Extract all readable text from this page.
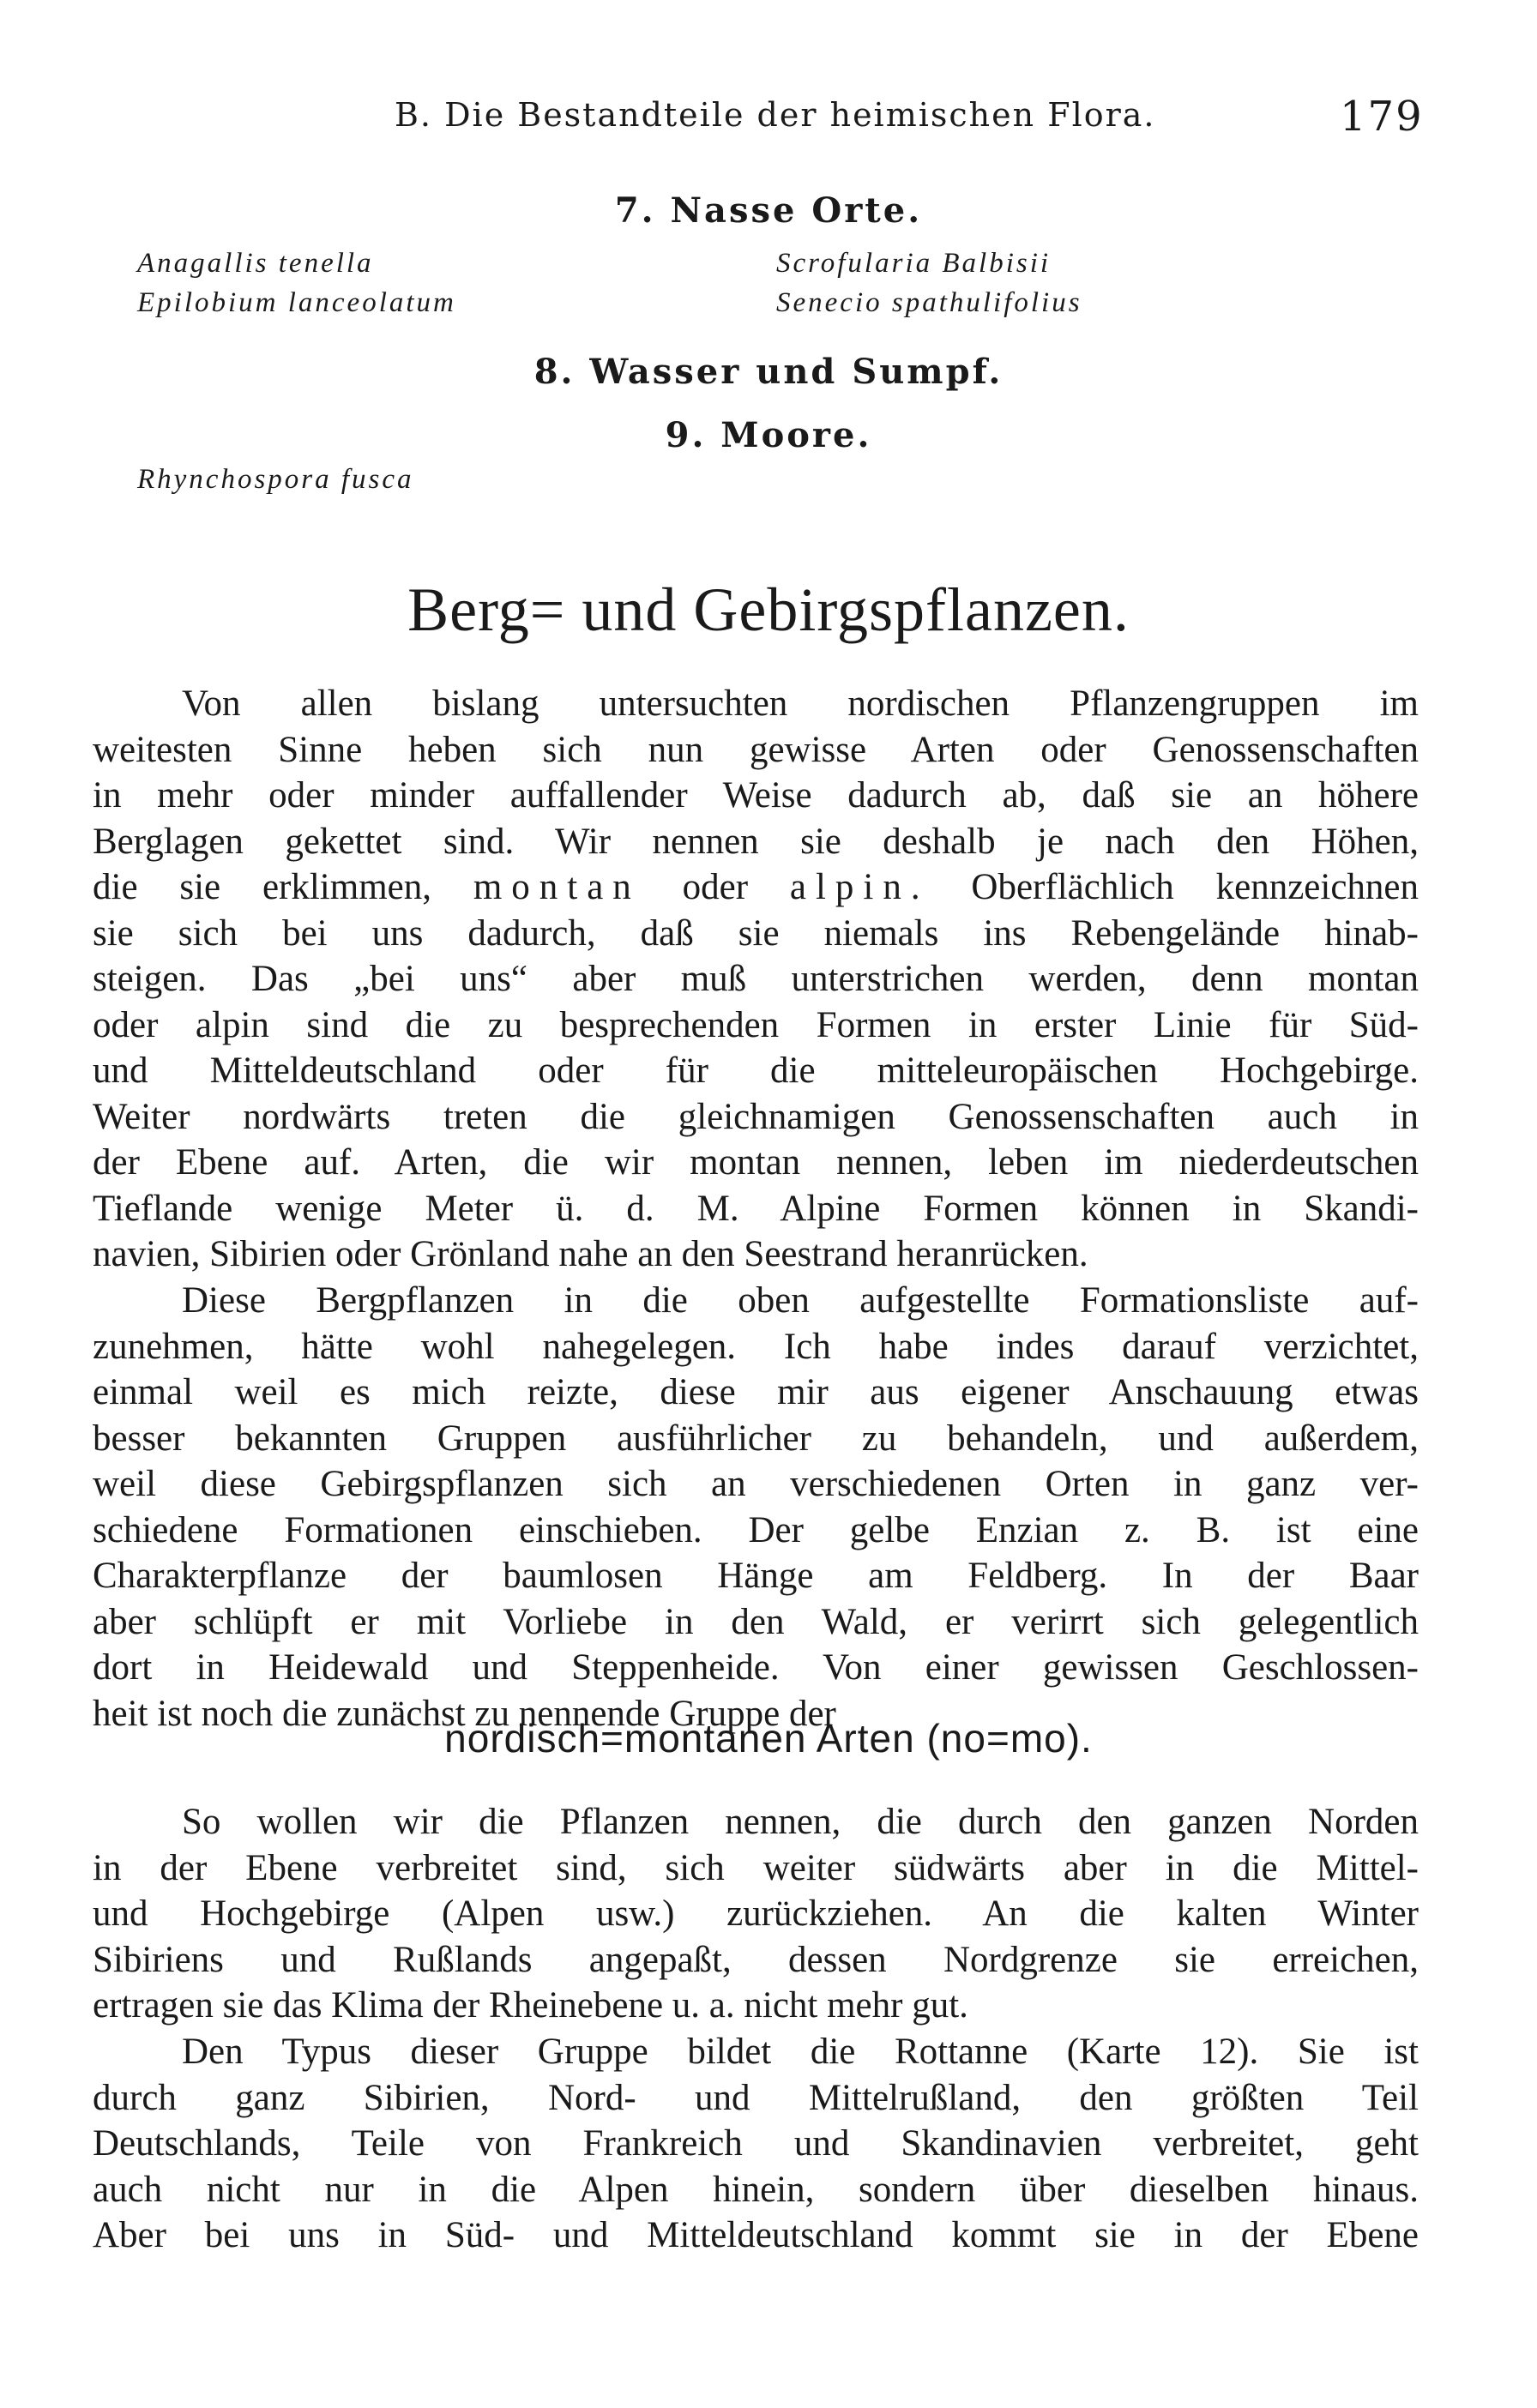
B. Die Bestandteile der heimischen Flora.	179
7. Nasse Orte.
Anagallis tenella
Epilobium lanceolatum
Scrofularia Balbisii
Senecio spathulifolius
8. Wasser und Sumpf.
9. Moore.
Rhynchospora fusca
Berg= und Gebirgspflanzen.
Von allen bislang untersuchten nordischen Pflanzengruppen im
weitesten Sinne heben sich nun gewisse Arten oder Genossenschaften
in mehr oder minder auffallender Weise dadurch ab, daß sie an höhere
Berglagen gekettet sind. Wir nennen sie deshalb je nach den Höhen,
die sie erklimmen, montan oder alpin. Oberflächlich kennzeichnen
sie sich bei uns dadurch, daß sie niemals ins Rebengelände hinab-
steigen. Das „bei uns“ aber muß unterstrichen werden, denn montan
oder alpin sind die zu besprechenden Formen in erster Linie für Süd-
und Mitteldeutschland oder für die mitteleuropäischen Hochgebirge.
Weiter nordwärts treten die gleichnamigen Genossenschaften auch in
der Ebene auf. Arten, die wir montan nennen, leben im niederdeutschen
Tieflande wenige Meter ü. d. M. Alpine Formen können in Skandi-
navien, Sibirien oder Grönland nahe an den Seestrand heranrücken.
Diese Bergpflanzen in die oben aufgestellte Formationsliste auf-
zunehmen, hätte wohl nahegelegen. Ich habe indes darauf verzichtet,
einmal weil es mich reizte, diese mir aus eigener Anschauung etwas
besser bekannten Gruppen ausführlicher zu behandeln, und außerdem,
weil diese Gebirgspflanzen sich an verschiedenen Orten in ganz ver-
schiedene Formationen einschieben. Der gelbe Enzian z. B. ist eine
Charakterpflanze der baumlosen Hänge am Feldberg. In der Baar
aber schlüpft er mit Vorliebe in den Wald, er verirrt sich gelegentlich
dort in Heidewald und Steppenheide. Von einer gewissen Geschlossen-
heit ist noch die zunächst zu nennende Gruppe der
nordisch=montanen Arten (no=mo).
So wollen wir die Pflanzen nennen, die durch den ganzen Norden
in der Ebene verbreitet sind, sich weiter südwärts aber in die Mittel-
und Hochgebirge (Alpen usw.) zurückziehen. An die kalten Winter
Sibiriens und Rußlands angepaßt, dessen Nordgrenze sie erreichen,
ertragen sie das Klima der Rheinebene u. a. nicht mehr gut.
Den Typus dieser Gruppe bildet die Rottanne (Karte 12). Sie ist
durch ganz Sibirien, Nord- und Mittelrußland, den größten Teil
Deutschlands, Teile von Frankreich und Skandinavien verbreitet, geht
auch nicht nur in die Alpen hinein, sondern über dieselben hinaus.
Aber bei uns in Süd- und Mitteldeutschland kommt sie in der Ebene
